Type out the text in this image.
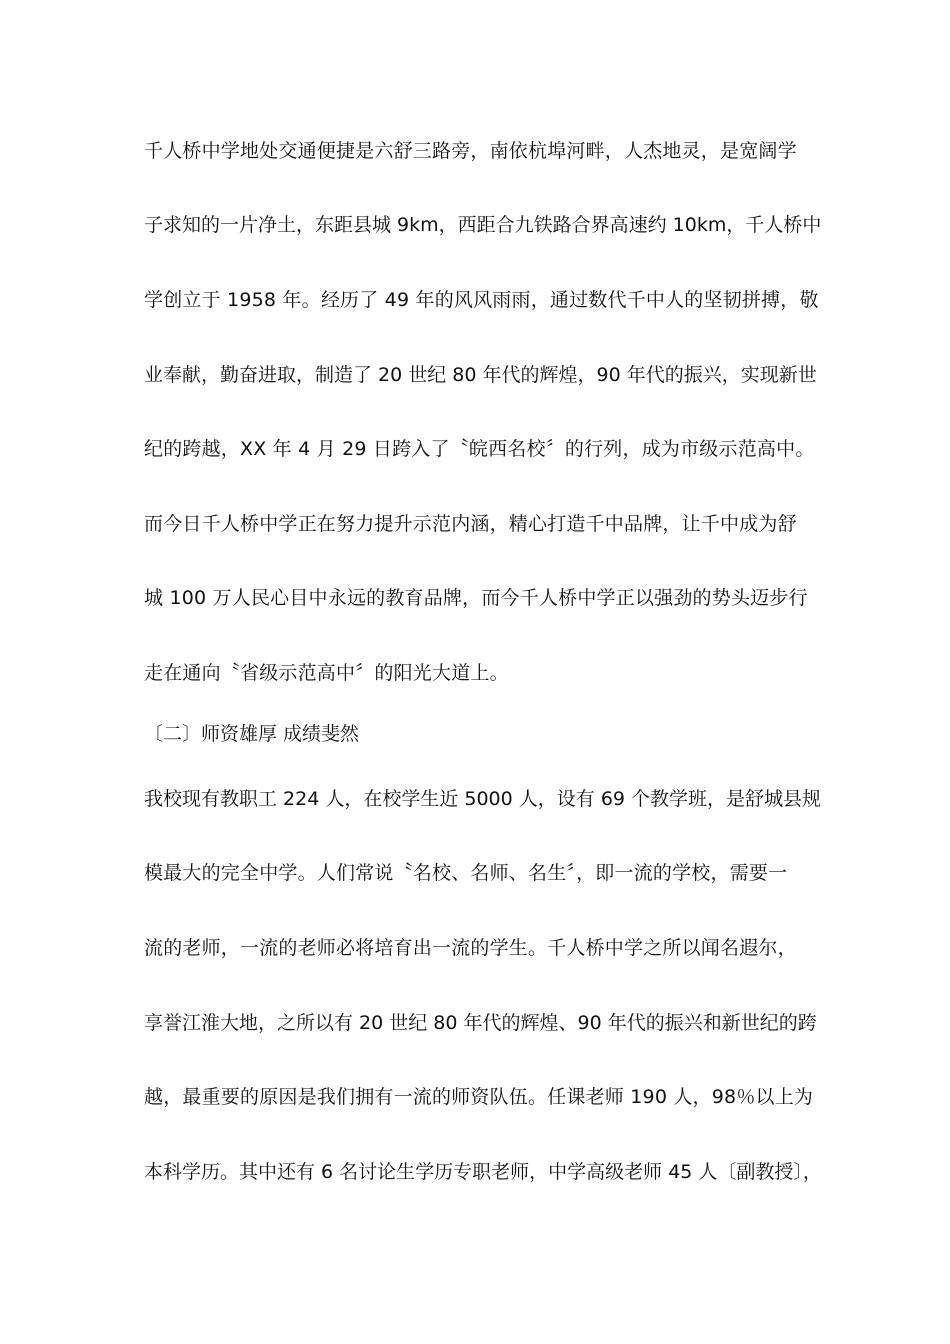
千人桥中学地处交通便捷是六舒三路旁，南依杭埠河畔，人杰地灵，是宽阔学
子求知的一片净土，东距县城 9km，西距合九铁路合界高速约 10km，千人桥中
学创立于 1958 年。经历了 49 年的风风雨雨，通过数代千中人的坚韧拼搏，敬
业奉献，勤奋进取，制造了 20 世纪 80 年代的辉煌，90 年代的振兴，实现新世
纪的跨越，XX 年 4 月 29 日跨入了〝皖西名校〞的行列，成为市级示范高中。
而今日千人桥中学正在努力提升示范内涵，精心打造千中品牌，让千中成为舒
城 100 万人民心目中永远的教育品牌，而今千人桥中学正以强劲的势头迈步行
走在通向〝省级示范高中〞的阳光大道上。
〔二〕师资雄厚 成绩斐然
我校现有教职工 224 人，在校学生近 5000 人，设有 69 个教学班，是舒城县规
模最大的完全中学。人们常说〝名校、名师、名生〞，即一流的学校，需要一
流的老师，一流的老师必将培育出一流的学生。千人桥中学之所以闻名遐尔，
享誉江淮大地，之所以有 20 世纪 80 年代的辉煌、90 年代的振兴和新世纪的跨
越，最重要的原因是我们拥有一流的师资队伍。任课老师 190 人，98％以上为
本科学历。其中还有 6 名讨论生学历专职老师，中学高级老师 45 人〔副教授〕，
